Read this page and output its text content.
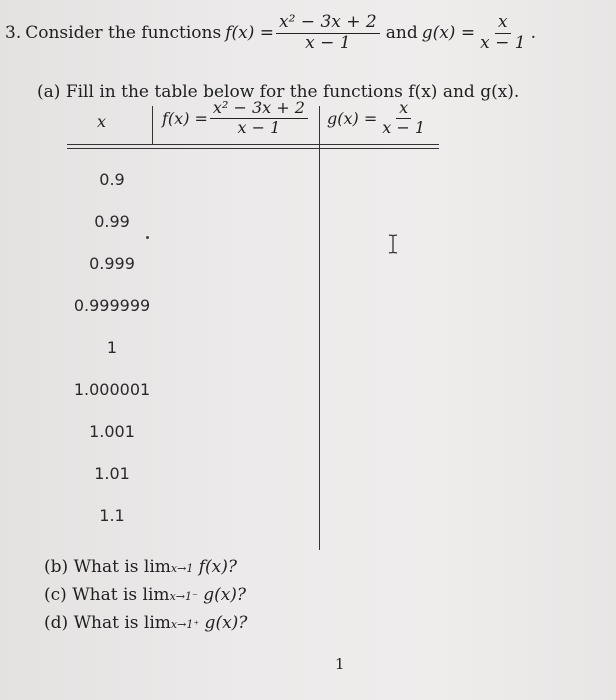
3. Consider the functions $f(x) = \frac{\text{x² − 3x + 2}}{x - 1}$ and $g(x) = \frac{x}{x - 1}$ .
(a) Fill in the table below for the functions f(x) and g(x).
x	$f(x) = \frac{\text{x² − 3x + 2}}{x - 1} g(x) = \frac{x}{x - 1}$
0.9
0.99
0.999
0.999999
1
1.000001
1.001
1.01
1.1
(b) What is limx→1 f(x)?
(c) What is limx→1⁻ g(x)?
(d) What is limx→1⁺ g(x)?
1
